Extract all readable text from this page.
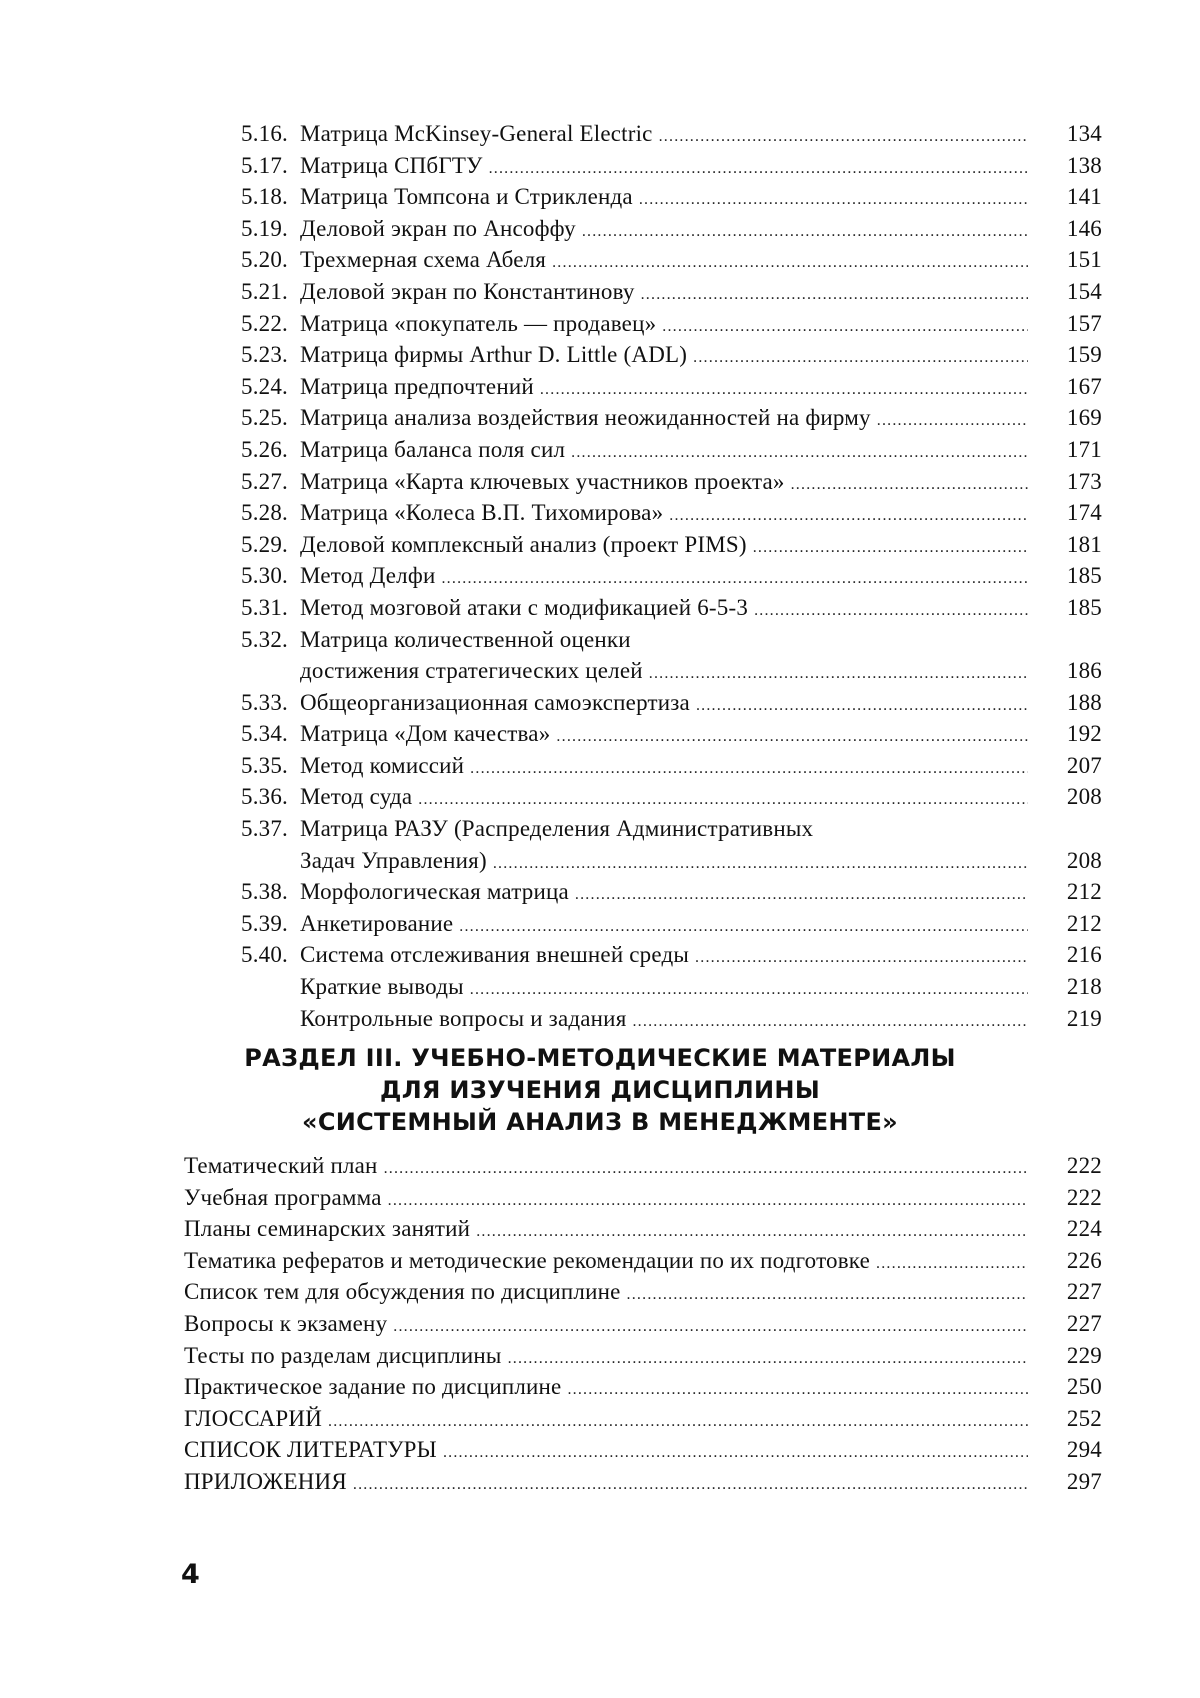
5.16. Матрица McKinsey-General Electric .....	134
5.17. Матрица СПбГТУ .....	138
5.18. Матрица Томпсона и Стрикленда .....	141
5.19. Деловой экран по Ансоффу .....	146
5.20. Трехмерная схема Абеля .....	151
5.21. Деловой экран по Константинову .....	154
5.22. Матрица «покупатель — продавец» .....	157
5.23. Матрица фирмы Arthur D. Little (ADL) .....	159
5.24. Матрица предпочтений .....	167
5.25. Матрица анализа воздействия неожиданностей на фирму .....	169
5.26. Матрица баланса поля сил .....	171
5.27. Матрица «Карта ключевых участников проекта» .....	173
5.28. Матрица «Колеса В.П. Тихомирова» .....	174
5.29. Деловой комплексный анализ (проект PIMS) .....	181
5.30. Метод Делфи .....	185
5.31. Метод мозговой атаки с модификацией 6-5-3 .....	185
5.32. Матрица количественной оценки
достижения стратегических целей .....	186
5.33. Общеорганизационная самоэкспертиза .....	188
5.34. Матрица «Дом качества» .....	192
5.35. Метод комиссий .....	207
5.36. Метод суда .....	208
5.37. Матрица РАЗУ (Распределения Административных
Задач Управления) .....	208
5.38. Морфологическая матрица .....	212
5.39. Анкетирование .....	212
5.40. Система отслеживания внешней среды .....	216
Краткие выводы .....	218
Контрольные вопросы и задания .....	219
РАЗДЕЛ III. УЧЕБНО-МЕТОДИЧЕСКИЕ МАТЕРИАЛЫ
ДЛЯ ИЗУЧЕНИЯ ДИСЦИПЛИНЫ
«СИСТЕМНЫЙ АНАЛИЗ В МЕНЕДЖМЕНТЕ»
Тематический план .....	222
Учебная программа .....	222
Планы семинарских занятий .....	224
Тематика рефератов и методические рекомендации по их подготовке .....	226
Список тем для обсуждения по дисциплине .....	227
Вопросы к экзамену .....	227
Тесты по разделам дисциплины .....	229
Практическое задание по дисциплине .....	250
ГЛОССАРИЙ .....	252
СПИСОК ЛИТЕРАТУРЫ .....	294
ПРИЛОЖЕНИЯ .....	297
4
